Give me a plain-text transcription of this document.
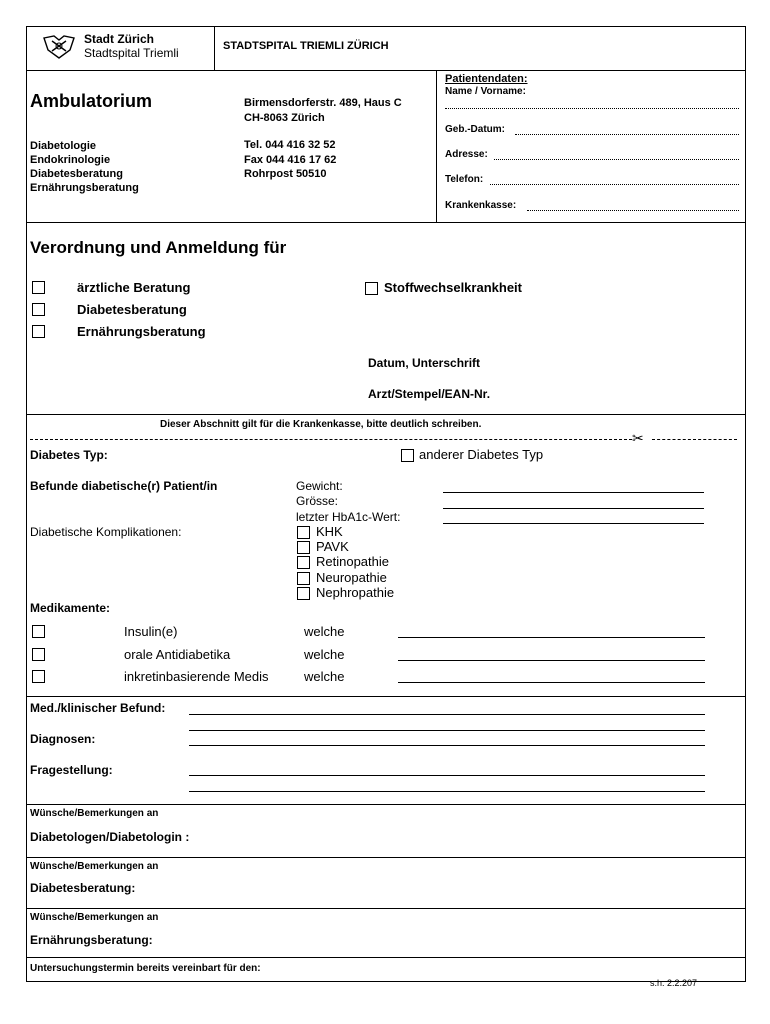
Stadt Zürich
Stadtspital Triemli	STADTSPITAL TRIEMLI ZÜRICH
Ambulatorium
Diabetologie
Endokrinologie
Diabetesberatung
Ernährungsberatung
Birmensdorferstr. 489, Haus C
CH-8063 Zürich
Tel. 044 416 32 52
Fax 044 416 17 62
Rohrpost 50510
Patientendaten:
Name / Vorname:
Geb.-Datum:
Adresse:
Telefon:
Krankenkasse:
Verordnung und Anmeldung für
ärztliche Beratung
Diabetesberatung
Ernährungsberatung
Stoffwechselkrankheit
Datum, Unterschrift
Arzt/Stempel/EAN-Nr.
Dieser Abschnitt gilt für die Krankenkasse, bitte deutlich schreiben.
✂
Diabetes Typ:	anderer Diabetes Typ
Befunde diabetische(r) Patient/in	Gewicht:
Grösse:
letzter HbA1c-Wert:
Diabetische Komplikationen:	KHK
PAVK
Retinopathie
Neuropathie
Nephropathie
Medikamente:
Insulin(e)	welche
orale Antidiabetika	welche
inkretinbasierende Medis	welche
Med./klinischer Befund:
Diagnosen:
Fragestellung:
Wünsche/Bemerkungen an
Diabetologen/Diabetologin :
Wünsche/Bemerkungen an
Diabetesberatung:
Wünsche/Bemerkungen an
Ernährungsberatung:
Untersuchungstermin bereits vereinbart für den:
s.h. 2.2.207
